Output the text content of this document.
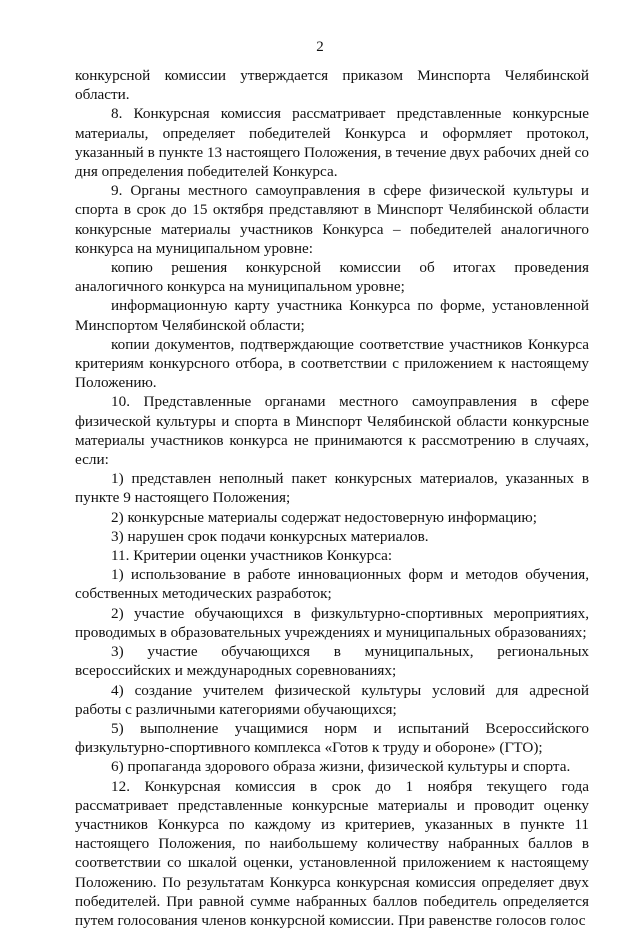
2

конкурсной комиссии утверждается приказом Минспорта Челябинской области.

8. Конкурсная комиссия рассматривает представленные конкурсные материалы, определяет победителей Конкурса и оформляет протокол, указанный в пункте 13 настоящего Положения, в течение двух рабочих дней со дня определения победителей Конкурса.

9. Органы местного самоуправления в сфере физической культуры и спорта в срок до 15 октября представляют в Минспорт Челябинской области конкурсные материалы участников Конкурса – победителей аналогичного конкурса на муниципальном уровне:

копию решения конкурсной комиссии об итогах проведения аналогичного конкурса на муниципальном уровне;

информационную карту участника Конкурса по форме, установленной Минспортом Челябинской области;

копии документов, подтверждающие соответствие участников Конкурса критериям конкурсного отбора, в соответствии с приложением к настоящему Положению.

10. Представленные органами местного самоуправления в сфере физической культуры и спорта в Минспорт Челябинской области конкурсные материалы участников конкурса не принимаются к рассмотрению в случаях, если:

1) представлен неполный пакет конкурсных материалов, указанных в пункте 9 настоящего Положения;

2) конкурсные материалы содержат недостоверную информацию;

3) нарушен срок подачи конкурсных материалов.

11. Критерии оценки участников Конкурса:

1) использование в работе инновационных форм и методов обучения, собственных методических разработок;

2) участие обучающихся в физкультурно-спортивных мероприятиях, проводимых в образовательных учреждениях и муниципальных образованиях;

3) участие обучающихся в муниципальных, региональных всероссийских и международных соревнованиях;

4) создание учителем физической культуры условий для адресной работы с различными категориями обучающихся;

5) выполнение учащимися норм и испытаний Всероссийского физкультурно-спортивного комплекса «Готов к труду и обороне» (ГТО);

6) пропаганда здорового образа жизни, физической культуры и спорта.

12. Конкурсная комиссия в срок до 1 ноября текущего года рассматривает представленные конкурсные материалы и проводит оценку участников Конкурса по каждому из критериев, указанных в пункте 11 настоящего Положения, по наибольшему количеству набранных баллов в соответствии со шкалой оценки, установленной приложением к настоящему Положению. По результатам Конкурса конкурсная комиссия определяет двух победителей. При равной сумме набранных баллов победитель определяется путем голосования членов конкурсной комиссии. При равенстве голосов голос
